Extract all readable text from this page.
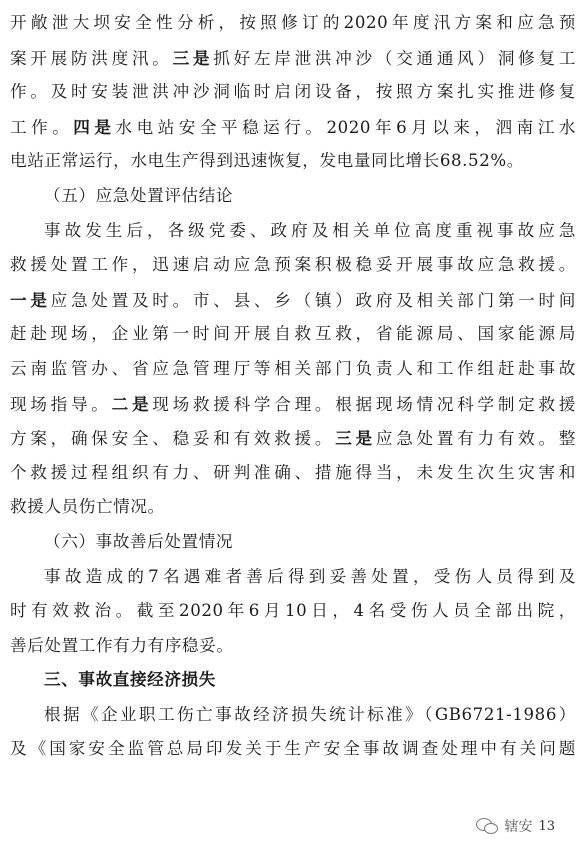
开敞泄大坝安全性分析，按照修订的2020年度汛方案和应急预
案开展防洪度汛。三是抓好左岸泄洪冲沙（交通通风）洞修复工
作。及时安装泄洪冲沙洞临时启闭设备，按照方案扎实推进修复
工作。四是水电站安全平稳运行。2020年6月以来，泗南江水
电站正常运行，水电生产得到迅速恢复，发电量同比增长68.52%。
（五）应急处置评估结论
事故发生后，各级党委、政府及相关单位高度重视事故应急
救援处置工作，迅速启动应急预案积极稳妥开展事故应急救援。
一是应急处置及时。市、县、乡（镇）政府及相关部门第一时间
赶赴现场，企业第一时间开展自救互救，省能源局、国家能源局
云南监管办、省应急管理厅等相关部门负责人和工作组赶赴事故
现场指导。二是现场救援科学合理。根据现场情况科学制定救援
方案，确保安全、稳妥和有效救援。三是应急处置有力有效。整
个救援过程组织有力、研判准确、措施得当，未发生次生灾害和
救援人员伤亡情况。
（六）事故善后处置情况
事故造成的7名遇难者善后得到妥善处置，受伤人员得到及
时有效救治。截至2020年6月10日，4名受伤人员全部出院，
善后处置工作有力有序稳妥。
三、事故直接经济损失
根据《企业职工伤亡事故经济损失统计标准》（GB6721-1986）
及《国家安全监管总局印发关于生产安全事故调查处理中有关问题
辖安 13
